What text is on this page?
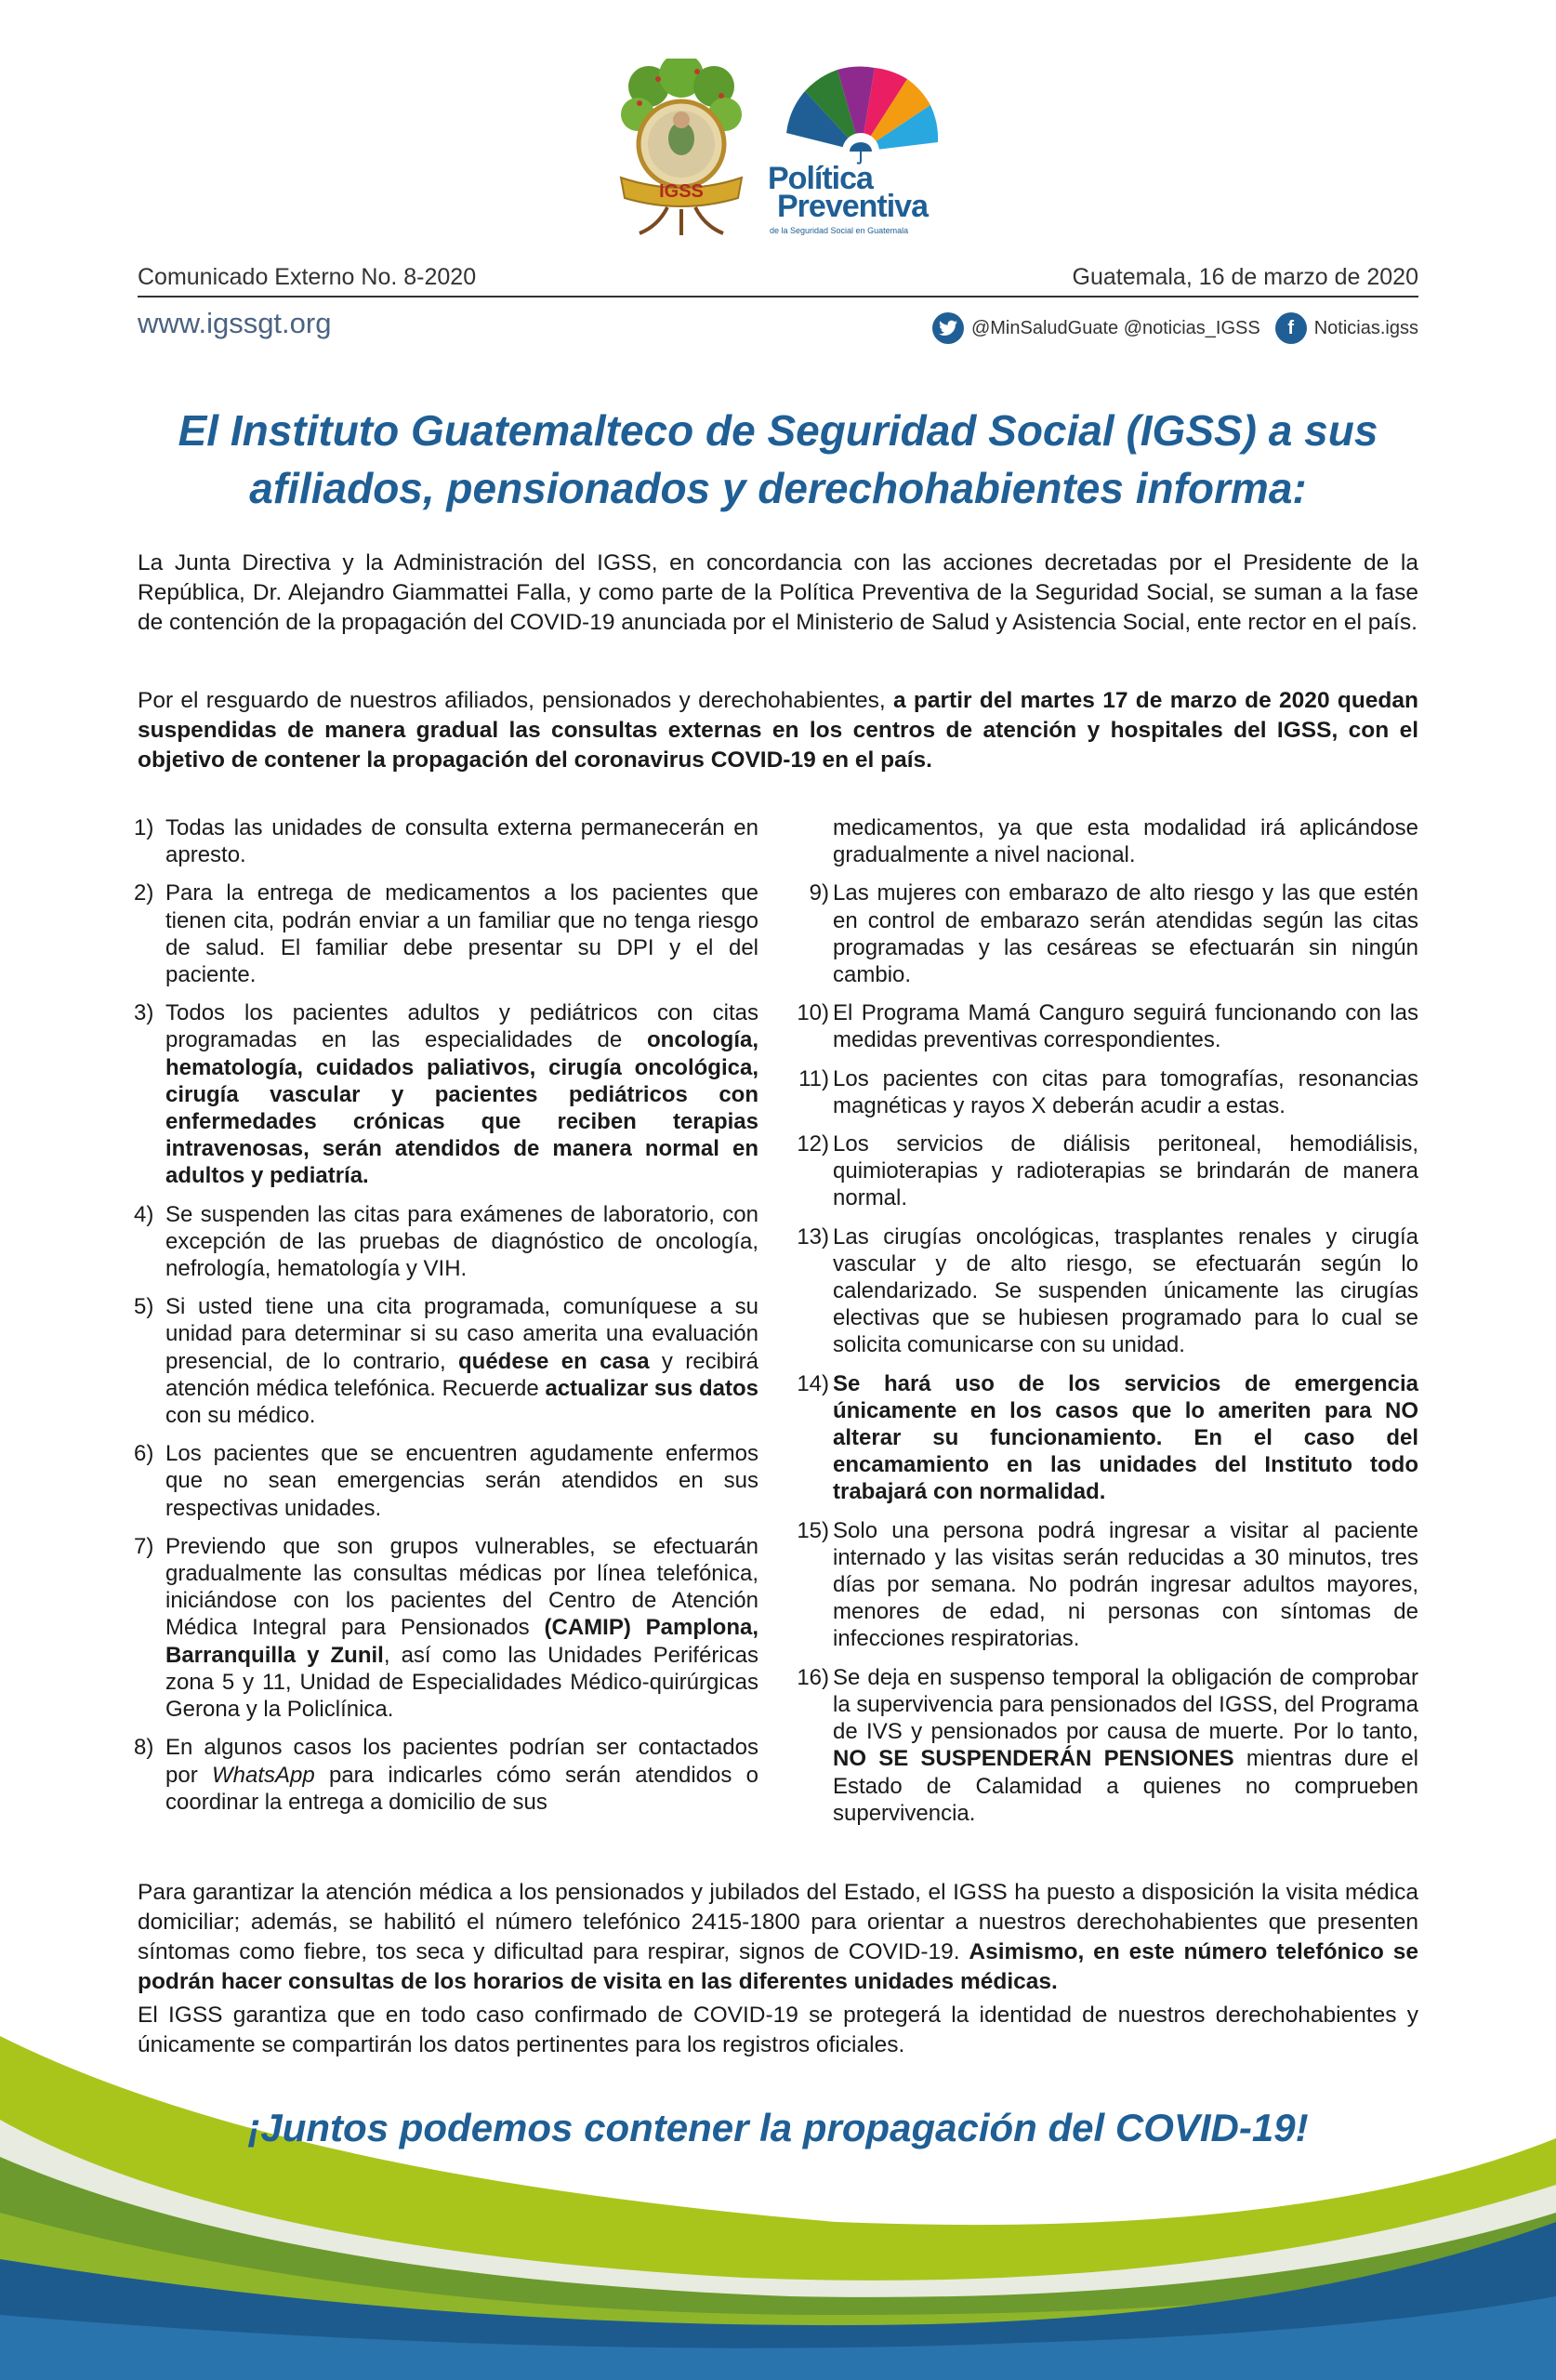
IGSS Política
Preventiva
de la Seguridad Social en Guatemala
Comunicado Externo No. 8-2020	Guatemala, 16 de marzo de 2020
www.igssgt.org	@MinSaludGuate @noticias_IGSS	f	Noticias.igss
El Instituto Guatemalteco de Seguridad Social (IGSS) a sus afiliados, pensionados y derechohabientes informa:
La Junta Directiva y la Administración del IGSS, en concordancia con las acciones decretadas por el Presidente de la República, Dr. Alejandro Giammattei Falla, y como parte de la Política Preventiva de la Seguridad Social, se suman a la fase de contención de la propagación del COVID-19 anunciada por el Ministerio de Salud y Asistencia Social, ente rector en el país.
Por el resguardo de nuestros afiliados, pensionados y derechohabientes, a partir del martes 17 de marzo de 2020 quedan suspendidas de manera gradual las consultas externas en los centros de atención y hospitales del IGSS, con el objetivo de contener la propagación del coronavirus COVID-19 en el país.
1) Todas las unidades de consulta externa permanecerán en apresto.
2) Para la entrega de medicamentos a los pacientes que tienen cita, podrán enviar a un familiar que no tenga riesgo de salud. El familiar debe presentar su DPI y el del paciente.
3) Todos los pacientes adultos y pediátricos con citas programadas en las especialidades de oncología, hematología, cuidados paliativos, cirugía oncológica, cirugía vascular y pacientes pediátricos con enfermedades crónicas que reciben terapias intravenosas, serán atendidos de manera normal en adultos y pediatría.
4) Se suspenden las citas para exámenes de laboratorio, con excepción de las pruebas de diagnóstico de oncología, nefrología, hematología y VIH.
5) Si usted tiene una cita programada, comuníquese a su unidad para determinar si su caso amerita una evaluación presencial, de lo contrario, quédese en casa y recibirá atención médica telefónica. Recuerde actualizar sus datos con su médico.
6) Los pacientes que se encuentren agudamente enfermos que no sean emergencias serán atendidos en sus respectivas unidades.
7) Previendo que son grupos vulnerables, se efectuarán gradualmente las consultas médicas por línea telefónica, iniciándose con los pacientes del Centro de Atención Médica Integral para Pensionados (CAMIP) Pamplona, Barranquilla y Zunil, así como las Unidades Periféricas zona 5 y 11, Unidad de Especialidades Médico-quirúrgicas Gerona y la Policlínica.
8) En algunos casos los pacientes podrían ser contactados por WhatsApp para indicarles cómo serán atendidos o coordinar la entrega a domicilio de sus
medicamentos, ya que esta modalidad irá aplicándose gradualmente a nivel nacional.
9) Las mujeres con embarazo de alto riesgo y las que estén en control de embarazo serán atendidas según las citas programadas y las cesáreas se efectuarán sin ningún cambio.
10) El Programa Mamá Canguro seguirá funcionando con las medidas preventivas correspondientes.
11) Los pacientes con citas para tomografías, resonancias magnéticas y rayos X deberán acudir a estas.
12) Los servicios de diálisis peritoneal, hemodiálisis, quimioterapias y radioterapias se brindarán de manera normal.
13) Las cirugías oncológicas, trasplantes renales y cirugía vascular y de alto riesgo, se efectuarán según lo calendarizado. Se suspenden únicamente las cirugías electivas que se hubiesen programado para lo cual se solicita comunicarse con su unidad.
14) Se hará uso de los servicios de emergencia únicamente en los casos que lo ameriten para NO alterar su funcionamiento. En el caso del encamamiento en las unidades del Instituto todo trabajará con normalidad.
15) Solo una persona podrá ingresar a visitar al paciente internado y las visitas serán reducidas a 30 minutos, tres días por semana. No podrán ingresar adultos mayores, menores de edad, ni personas con síntomas de infecciones respiratorias.
16) Se deja en suspenso temporal la obligación de comprobar la supervivencia para pensionados del IGSS, del Programa de IVS y pensionados por causa de muerte. Por lo tanto, NO SE SUSPENDERÁN PENSIONES mientras dure el Estado de Calamidad a quienes no comprueben supervivencia.
Para garantizar la atención médica a los pensionados y jubilados del Estado, el IGSS ha puesto a disposición la visita médica domiciliar; además, se habilitó el número telefónico 2415-1800 para orientar a nuestros derechohabientes que presenten síntomas como fiebre, tos seca y dificultad para respirar, signos de COVID-19. Asimismo, en este número telefónico se podrán hacer consultas de los horarios de visita en las diferentes unidades médicas.
El IGSS garantiza que en todo caso confirmado de COVID-19 se protegerá la identidad de nuestros derechohabientes y únicamente se compartirán los datos pertinentes para los registros oficiales.
¡Juntos podemos contener la propagación del COVID-19!
